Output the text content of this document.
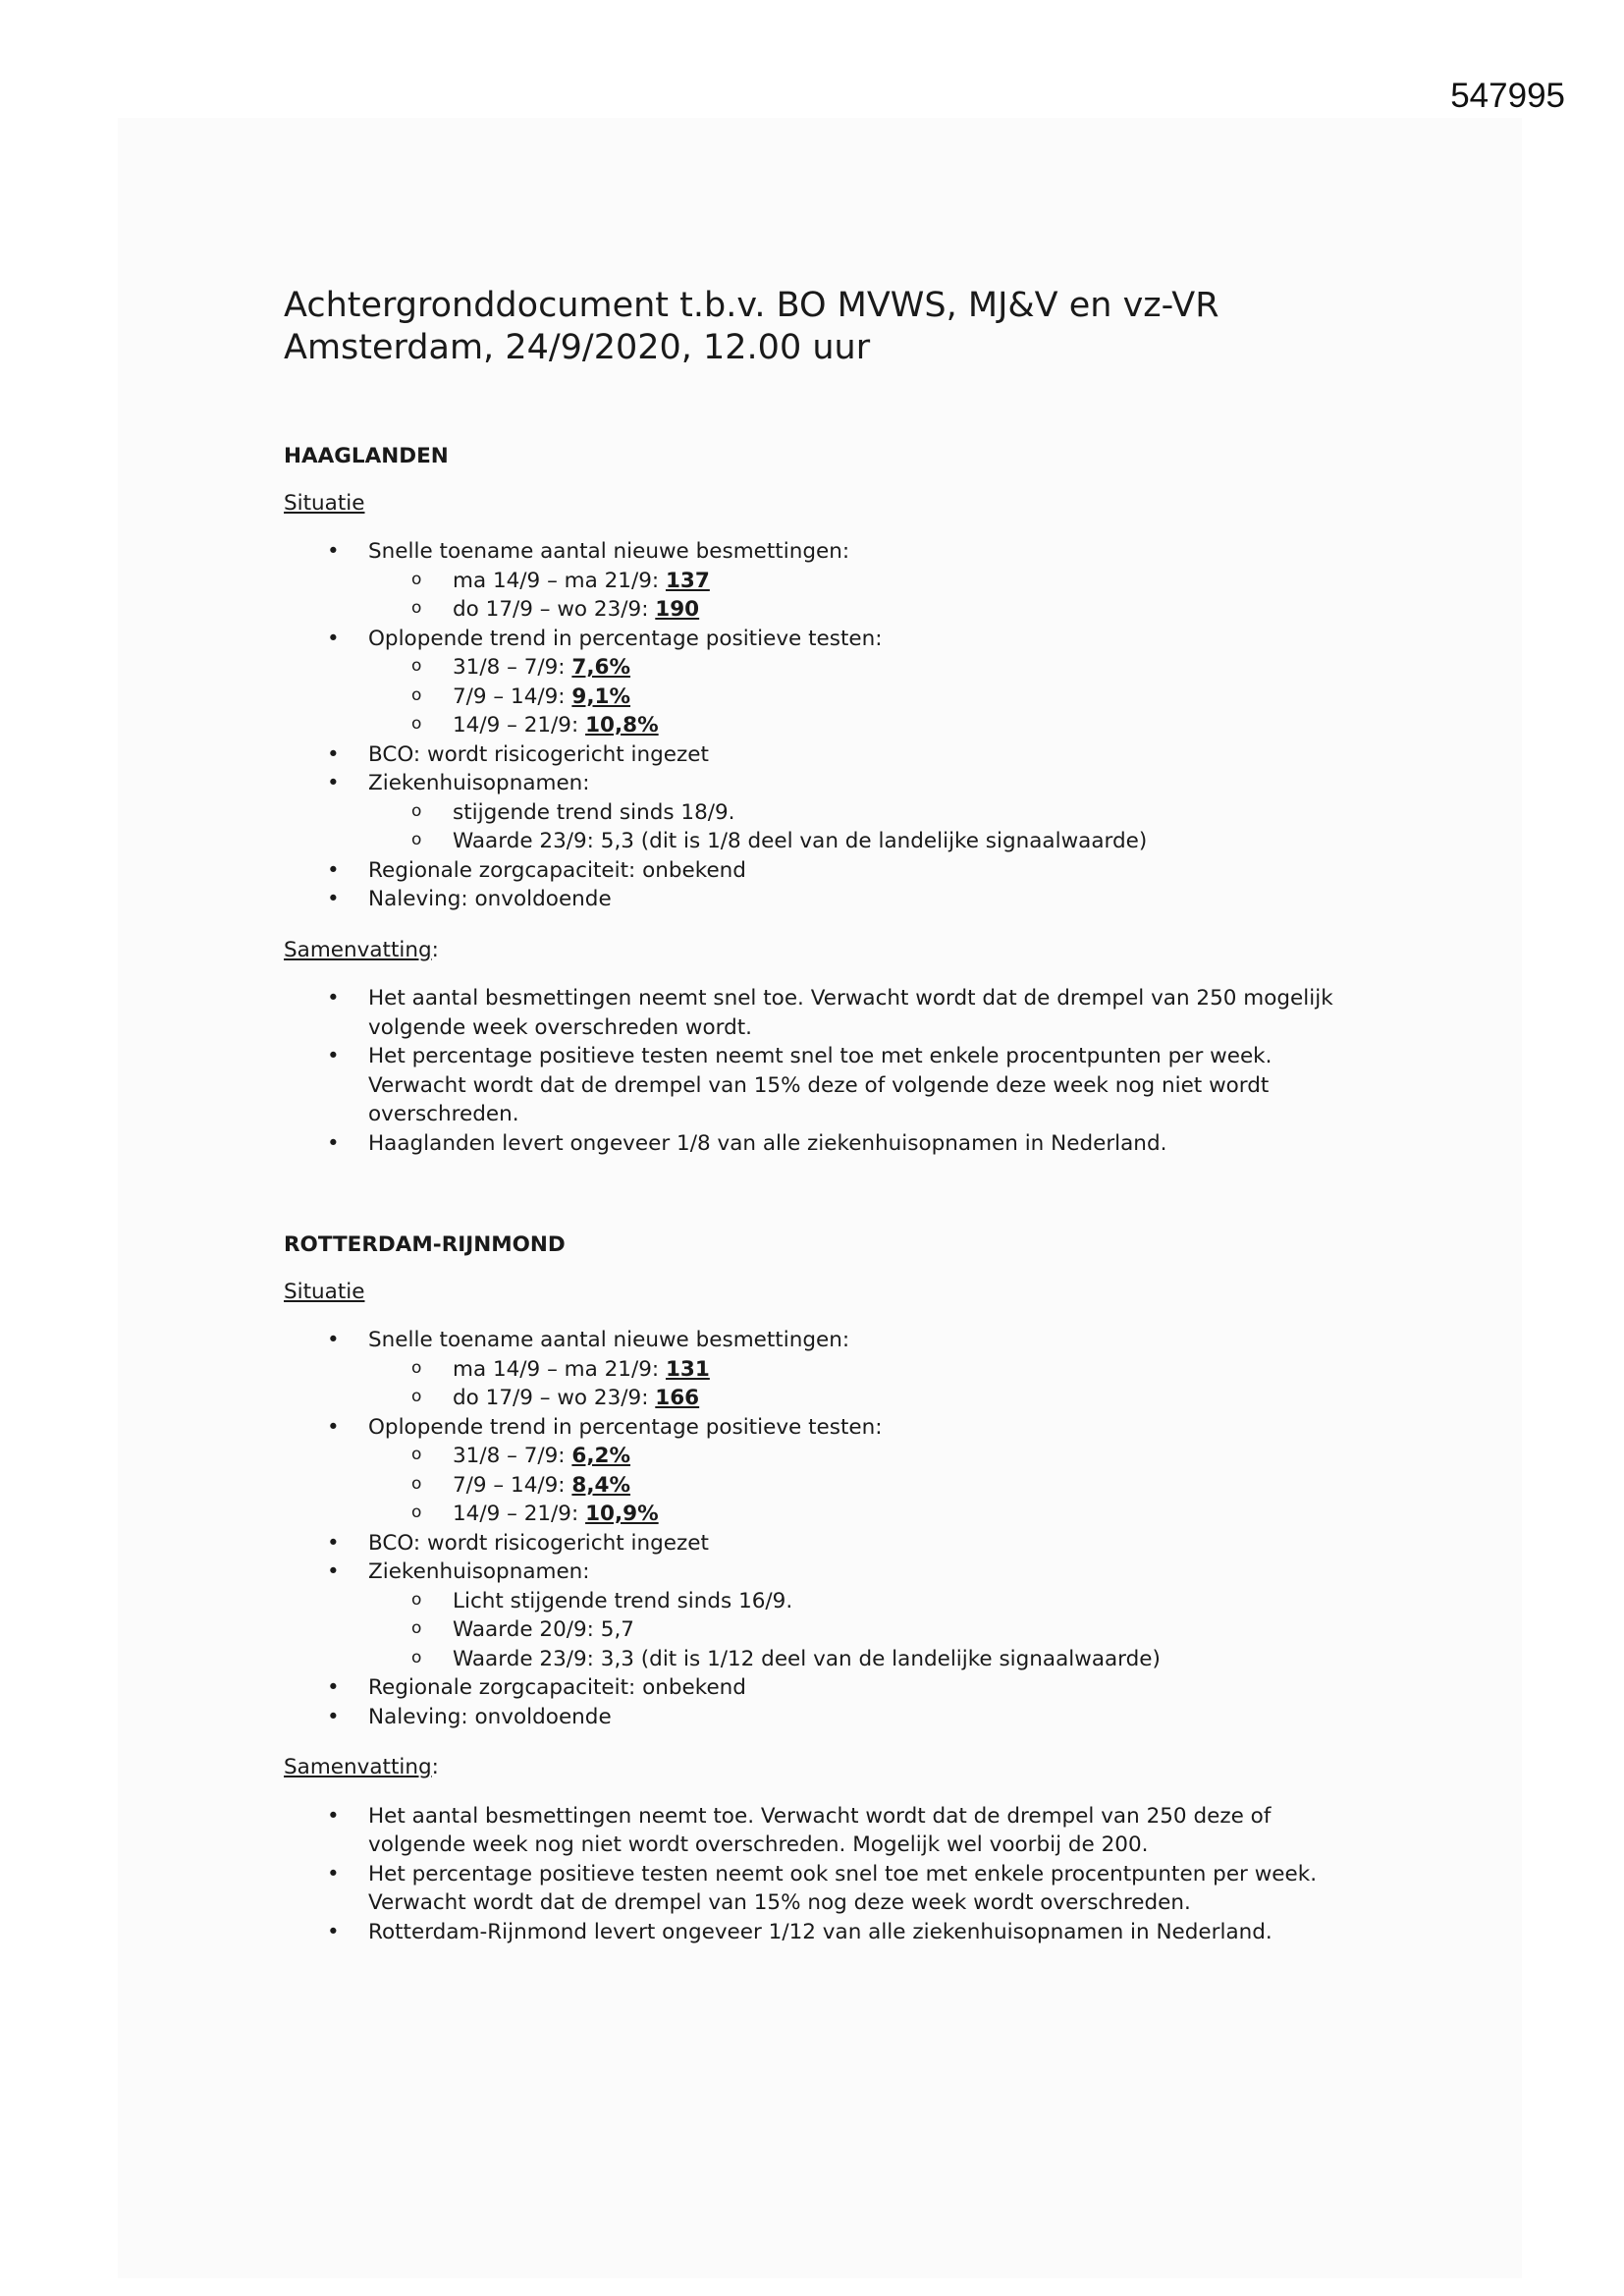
547995
Achtergronddocument t.b.v. BO MVWS, MJ&V en vz-VR
Amsterdam, 24/9/2020, 12.00 uur
HAAGLANDEN
Situatie
• Snelle toename aantal nieuwe besmettingen:
o ma 14/9 – ma 21/9: 137
o do 17/9 – wo 23/9: 190
• Oplopende trend in percentage positieve testen:
o 31/8 – 7/9: 7,6%
o 7/9 – 14/9: 9,1%
o 14/9 – 21/9: 10,8%
• BCO: wordt risicogericht ingezet
• Ziekenhuisopnamen:
o stijgende trend sinds 18/9.
o Waarde 23/9: 5,3 (dit is 1/8 deel van de landelijke signaalwaarde)
• Regionale zorgcapaciteit: onbekend
• Naleving: onvoldoende
Samenvatting:
• Het aantal besmettingen neemt snel toe. Verwacht wordt dat de drempel van 250 mogelijk volgende week overschreden wordt.
• Het percentage positieve testen neemt snel toe met enkele procentpunten per week. Verwacht wordt dat de drempel van 15% deze of volgende deze week nog niet wordt overschreden.
• Haaglanden levert ongeveer 1/8 van alle ziekenhuisopnamen in Nederland.
ROTTERDAM-RIJNMOND
Situatie
• Snelle toename aantal nieuwe besmettingen:
o ma 14/9 – ma 21/9: 131
o do 17/9 – wo 23/9: 166
• Oplopende trend in percentage positieve testen:
o 31/8 – 7/9: 6,2%
o 7/9 – 14/9: 8,4%
o 14/9 – 21/9: 10,9%
• BCO: wordt risicogericht ingezet
• Ziekenhuisopnamen:
o Licht stijgende trend sinds 16/9.
o Waarde 20/9: 5,7
o Waarde 23/9: 3,3 (dit is 1/12 deel van de landelijke signaalwaarde)
• Regionale zorgcapaciteit: onbekend
• Naleving: onvoldoende
Samenvatting:
• Het aantal besmettingen neemt toe. Verwacht wordt dat de drempel van 250 deze of volgende week nog niet wordt overschreden. Mogelijk wel voorbij de 200.
• Het percentage positieve testen neemt ook snel toe met enkele procentpunten per week. Verwacht wordt dat de drempel van 15% nog deze week wordt overschreden.
• Rotterdam-Rijnmond levert ongeveer 1/12 van alle ziekenhuisopnamen in Nederland.
